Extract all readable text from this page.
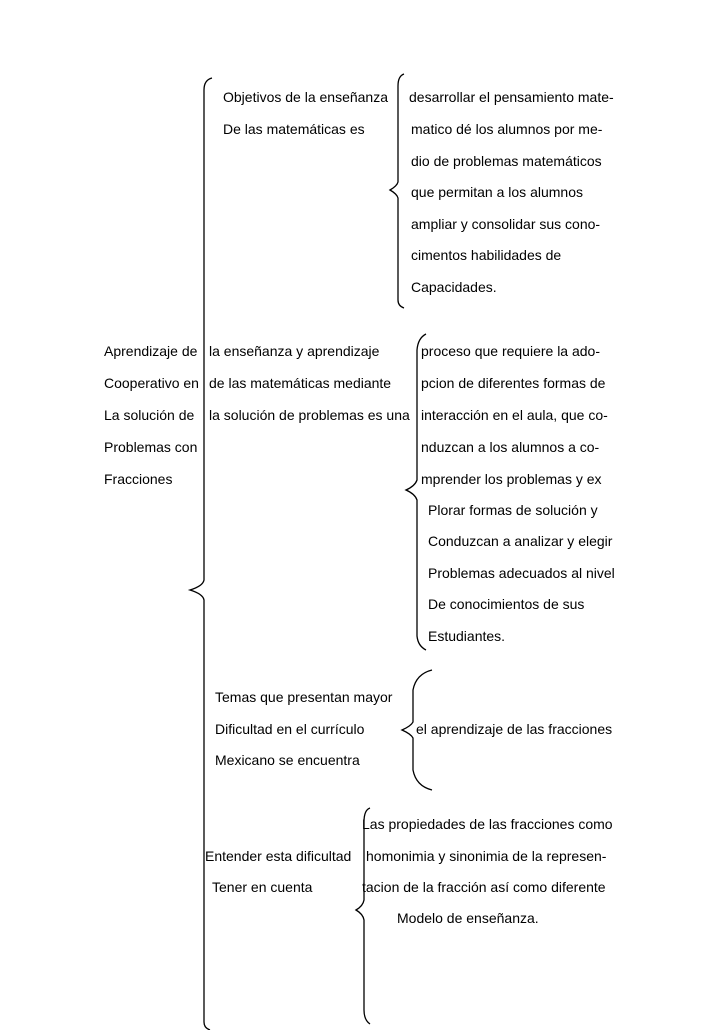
Aprendizaje de
Cooperativo en
La solución de
Problemas con
Fracciones
Objetivos de la enseñanza
De las matemáticas es
desarrollar el pensamiento mate-
matico dé los alumnos por me-
dio de problemas matemáticos
que permitan a los alumnos
ampliar y consolidar sus cono-
cimentos habilidades de
Capacidades.
la enseñanza y aprendizaje
de las matemáticas mediante
la solución de problemas es una
proceso que requiere la ado-
pcion de diferentes formas de
interacción en el aula, que co-
nduzcan a los alumnos a co-
mprender los problemas y ex
Plorar formas de solución y
Conduzcan a analizar y elegir
Problemas adecuados al nivel
De conocimientos de sus
Estudiantes.
Temas que presentan mayor
Dificultad en el currículo
Mexicano se encuentra
el aprendizaje de las fracciones
Entender esta dificultad
Tener en cuenta
Las propiedades de las fracciones como
homonimia y sinonimia de la represen-
tacion de la fracción así como diferente
Modelo de enseñanza.
